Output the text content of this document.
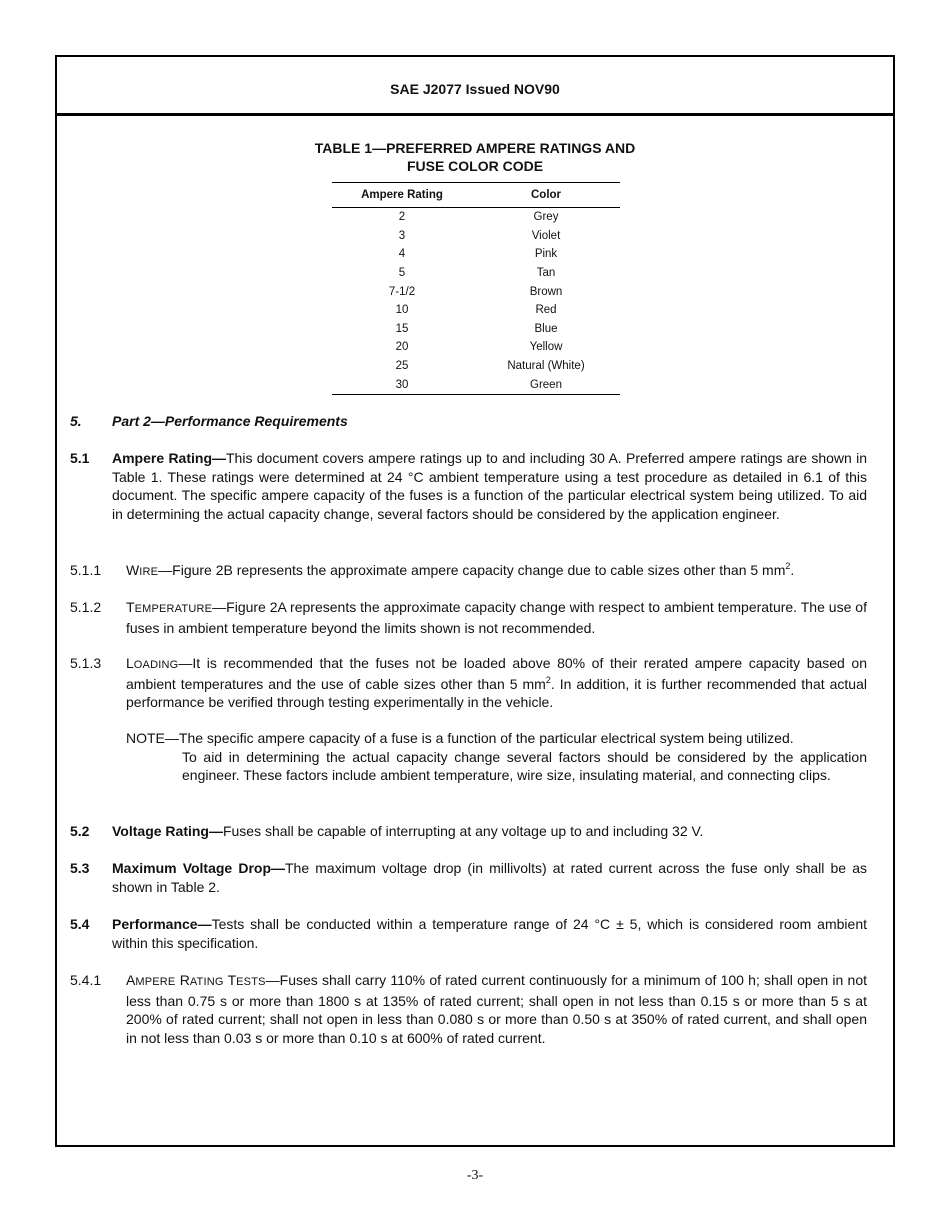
SAE J2077 Issued NOV90
TABLE 1—PREFERRED AMPERE RATINGS AND
FUSE COLOR CODE
Ampere Rating	Color
2	Grey
3	Violet
4	Pink
5	Tan
7-1/2	Brown
10	Red
15	Blue
20	Yellow
25	Natural (White)
30	Green
5. Part 2—Performance Requirements
5.1 Ampere Rating—This document covers ampere ratings up to and including 30 A. Preferred ampere ratings are shown in Table 1. These ratings were determined at 24 °C ambient temperature using a test procedure as detailed in 6.1 of this document. The specific ampere capacity of the fuses is a function of the particular electrical system being utilized. To aid in determining the actual capacity change, several factors should be considered by the application engineer.
5.1.1 WIRE—Figure 2B represents the approximate ampere capacity change due to cable sizes other than 5 $mm^2$.
5.1.2 TEMPERATURE—Figure 2A represents the approximate capacity change with respect to ambient temperature. The use of fuses in ambient temperature beyond the limits shown is not recommended.
5.1.3 LOADING—It is recommended that the fuses not be loaded above 80% of their rerated ampere capacity based on ambient temperatures and the use of cable sizes other than 5 $mm^2$. In addition, it is further recommended that actual performance be verified through testing experimentally in the vehicle.
NOTE—The specific ampere capacity of a fuse is a function of the particular electrical system being utilized.
To aid in determining the actual capacity change several factors should be considered by the application engineer. These factors include ambient temperature, wire size, insulating material, and connecting clips.
5.2 Voltage Rating—Fuses shall be capable of interrupting at any voltage up to and including 32 V.
5.3 Maximum Voltage Drop—The maximum voltage drop (in millivolts) at rated current across the fuse only shall be as shown in Table 2.
5.4 Performance—Tests shall be conducted within a temperature range of 24 °C ± 5, which is considered room ambient within this specification.
5.4.1 AMPERE RATING TESTS—Fuses shall carry 110% of rated current continuously for a minimum of 100 h; shall open in not less than 0.75 s or more than 1800 s at 135% of rated current; shall open in not less than 0.15 s or more than 5 s at 200% of rated current; shall not open in less than 0.080 s or more than 0.50 s at 350% of rated current, and shall open in not less than 0.03 s or more than 0.10 s at 600% of rated current.
-3-
